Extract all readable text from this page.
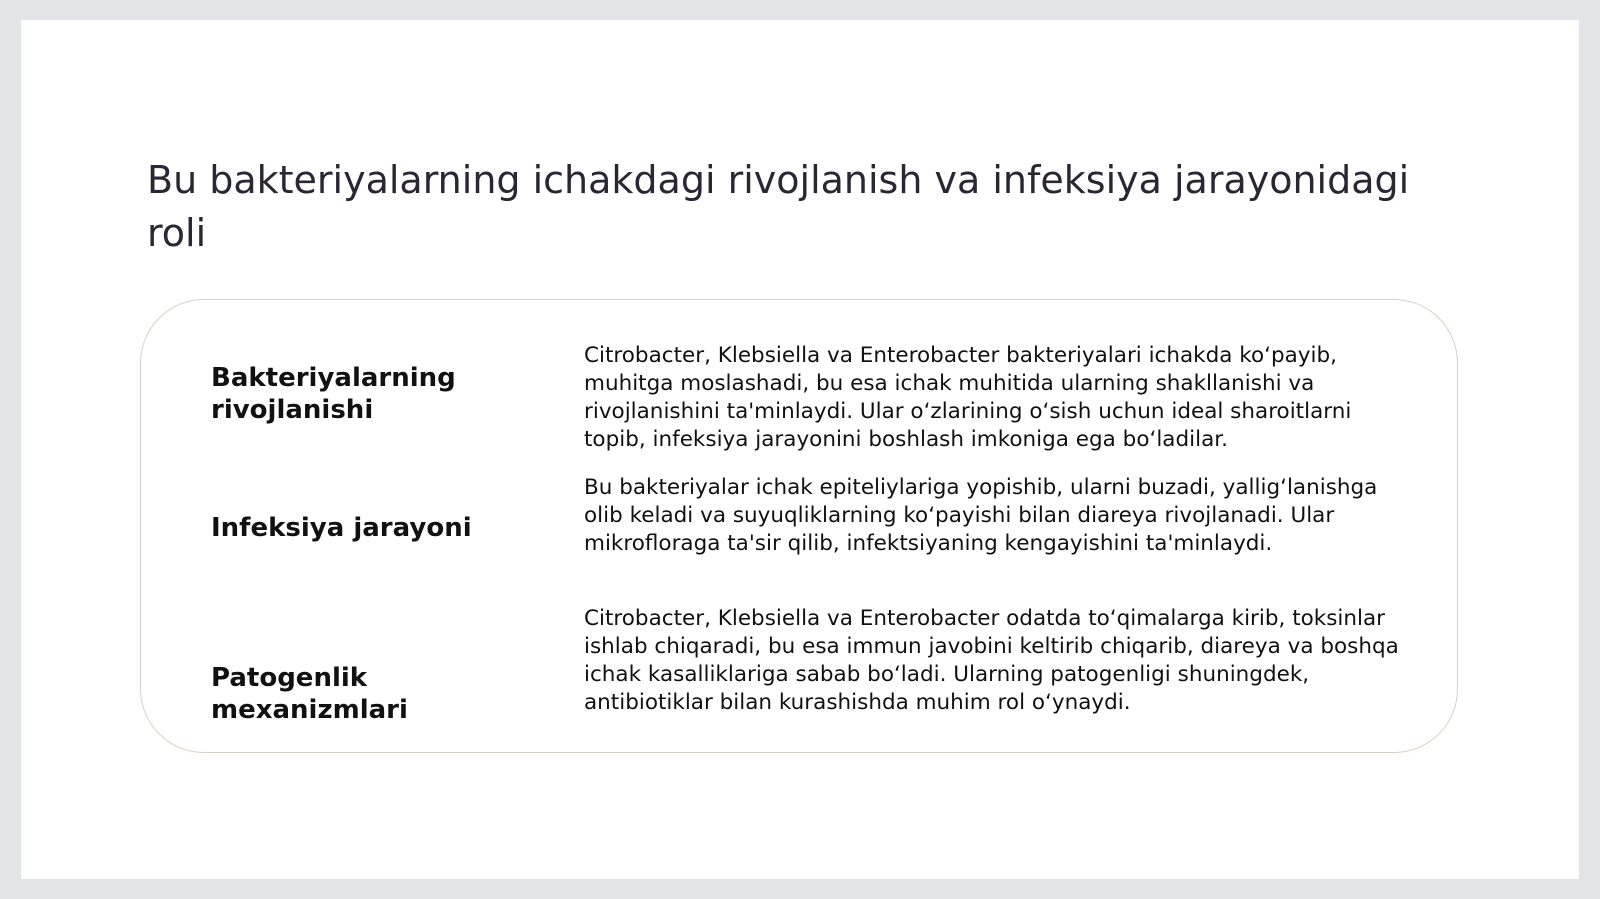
Bu bakteriyalarning ichakdagi rivojlanish va infeksiya jarayonidagi roli
Bakteriyalarning rivojlanishi
Citrobacter, Klebsiella va Enterobacter bakteriyalari ichakda ko‘payib, muhitga moslashadi, bu esa ichak muhitida ularning shakllanishi va rivojlanishini ta'minlaydi. Ular o‘zlarining o‘sish uchun ideal sharoitlarni topib, infeksiya jarayonini boshlash imkoniga ega bo‘ladilar.
Infeksiya jarayoni
Bu bakteriyalar ichak epiteliylariga yopishib, ularni buzadi, yallig‘lanishga olib keladi va suyuqliklarning ko‘payishi bilan diareya rivojlanadi. Ular mikrofloraga ta'sir qilib, infektsiyaning kengayishini ta'minlaydi.
Patogenlik mexanizmlari
Citrobacter, Klebsiella va Enterobacter odatda to‘qimalarga kirib, toksinlar ishlab chiqaradi, bu esa immun javobini keltirib chiqarib, diareya va boshqa ichak kasalliklariga sabab bo‘ladi. Ularning patogenligi shuningdek, antibiotiklar bilan kurashishda muhim rol o‘ynaydi.
